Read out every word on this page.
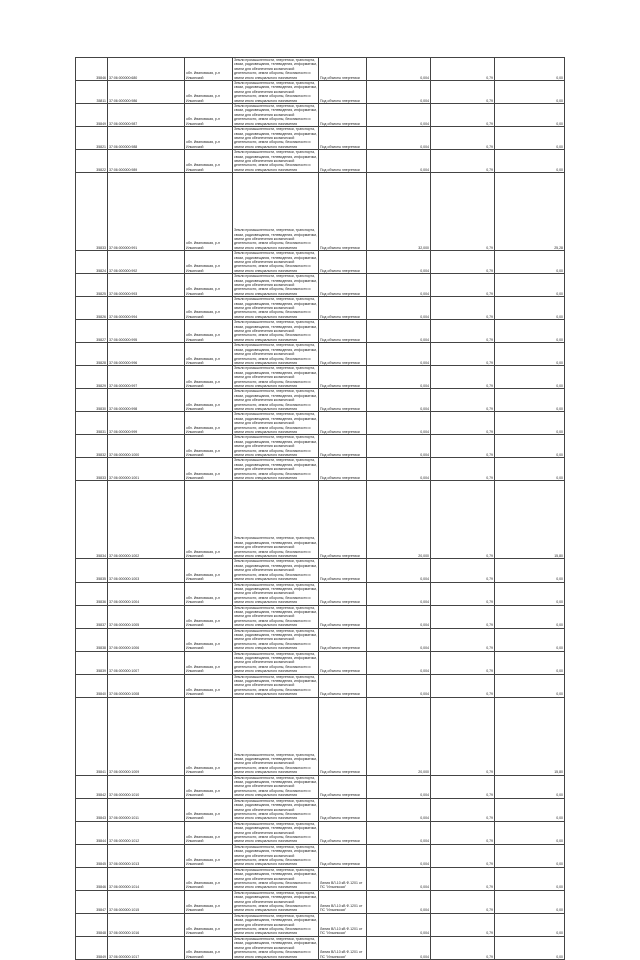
35846	37:06:000000:680	обл. Ивановская, р-н Ильинский	Земли промышленности, энергетики, транспорта, связи, радиовещания, телевидения, информатики, земли для обеспечения космической деятельности, земли обороны, безопасности и земли иного специального назначения	Под объекты энергетики	0,004	0,79	0,00
35811	37:06:000000:986	обл. Ивановская, р-н Ильинский	Земли промышленности, энергетики, транспорта, связи, радиовещания, телевидения, информатики, земли для обеспечения космической деятельности, земли обороны, безопасности и земли иного специального назначения	Под объекты энергетики	0,004	0,79	0,00
35849	37:06:000000:987	обл. Ивановская, р-н Ильинский	Земли промышленности, энергетики, транспорта, связи, радиовещания, телевидения, информатики, земли для обеспечения космической деятельности, земли обороны, безопасности и земли иного специального назначения	Под объекты энергетики	0,004	0,79	0,00
35821	37:06:000000:988	обл. Ивановская, р-н Ильинский	Земли промышленности, энергетики, транспорта, связи, радиовещания, телевидения, информатики, земли для обеспечения космической деятельности, земли обороны, безопасности и земли иного специального назначения	Под объекты энергетики	0,004	0,79	0,00
35822	37:06:000000:989	обл. Ивановская, р-н Ильинский	Земли промышленности, энергетики, транспорта, связи, радиовещания, телевидения, информатики, земли для обеспечения космической деятельности, земли обороны, безопасности и земли иного специального назначения	Под объекты энергетики	0,004	0,79	0,00
35833	37:06:000000:991	обл. Ивановская, р-н Ильинский	Земли промышленности, энергетики, транспорта, связи, радиовещания, телевидения, информатики, земли для обеспечения космической деятельности, земли обороны, безопасности и земли иного специального назначения	Под объекты энергетики	32,000	0,79	25,28
35824	37:06:000000:992	обл. Ивановская, р-н Ильинский	Земли промышленности, энергетики, транспорта, связи, радиовещания, телевидения, информатики, земли для обеспечения космической деятельности, земли обороны, безопасности и земли иного специального назначения	Под объекты энергетики	0,004	0,79	0,00
35825	37:06:000000:993	обл. Ивановская, р-н Ильинский	Земли промышленности, энергетики, транспорта, связи, радиовещания, телевидения, информатики, земли для обеспечения космической деятельности, земли обороны, безопасности и земли иного специального назначения	Под объекты энергетики	0,004	0,79	0,00
35826	37:06:000000:994	обл. Ивановская, р-н Ильинский	Земли промышленности, энергетики, транспорта, связи, радиовещания, телевидения, информатики, земли для обеспечения космической деятельности, земли обороны, безопасности и земли иного специального назначения	Под объекты энергетики	0,004	0,79	0,00
35827	37:06:000000:995	обл. Ивановская, р-н Ильинский	Земли промышленности, энергетики, транспорта, связи, радиовещания, телевидения, информатики, земли для обеспечения космической деятельности, земли обороны, безопасности и земли иного специального назначения	Под объекты энергетики	0,004	0,79	0,00
35828	37:06:000000:996	обл. Ивановская, р-н Ильинский	Земли промышленности, энергетики, транспорта, связи, радиовещания, телевидения, информатики, земли для обеспечения космической деятельности, земли обороны, безопасности и земли иного специального назначения	Под объекты энергетики	0,004	0,79	0,00
35829	37:06:000000:997	обл. Ивановская, р-н Ильинский	Земли промышленности, энергетики, транспорта, связи, радиовещания, телевидения, информатики, земли для обеспечения космической деятельности, земли обороны, безопасности и земли иного специального назначения	Под объекты энергетики	0,004	0,79	0,00
35830	37:06:000000:998	обл. Ивановская, р-н Ильинский	Земли промышленности, энергетики, транспорта, связи, радиовещания, телевидения, информатики, земли для обеспечения космической деятельности, земли обороны, безопасности и земли иного специального назначения	Под объекты энергетики	0,004	0,79	0,00
35831	37:06:000000:999	обл. Ивановская, р-н Ильинский	Земли промышленности, энергетики, транспорта, связи, радиовещания, телевидения, информатики, земли для обеспечения космической деятельности, земли обороны, безопасности и земли иного специального назначения	Под объекты энергетики	0,004	0,79	0,00
35832	37:06:000000:1000	обл. Ивановская, р-н Ильинский	Земли промышленности, энергетики, транспорта, связи, радиовещания, телевидения, информатики, земли для обеспечения космической деятельности, земли обороны, безопасности и земли иного специального назначения	Под объекты энергетики	0,004	0,79	0,00
35833	37:06:000000:1001	обл. Ивановская, р-н Ильинский	Земли промышленности, энергетики, транспорта, связи, радиовещания, телевидения, информатики, земли для обеспечения космической деятельности, земли обороны, безопасности и земли иного специального назначения	Под объекты энергетики	0,004	0,79	0,00
35834	37:06:000000:1002	обл. Ивановская, р-н Ильинский	Земли промышленности, энергетики, транспорта, связи, радиовещания, телевидения, информатики, земли для обеспечения космической деятельности, земли обороны, безопасности и земли иного специального назначения	Под объекты энергетики	20,000	0,79	15,80
35835	37:06:000000:1003	обл. Ивановская, р-н Ильинский	Земли промышленности, энергетики, транспорта, связи, радиовещания, телевидения, информатики, земли для обеспечения космической деятельности, земли обороны, безопасности и земли иного специального назначения	Под объекты энергетики	0,004	0,79	0,00
35836	37:06:000000:1004	обл. Ивановская, р-н Ильинский	Земли промышленности, энергетики, транспорта, связи, радиовещания, телевидения, информатики, земли для обеспечения космической деятельности, земли обороны, безопасности и земли иного специального назначения	Под объекты энергетики	0,004	0,79	0,00
35837	37:06:000000:1005	обл. Ивановская, р-н Ильинский	Земли промышленности, энергетики, транспорта, связи, радиовещания, телевидения, информатики, земли для обеспечения космической деятельности, земли обороны, безопасности и земли иного специального назначения	Под объекты энергетики	0,004	0,79	0,00
35838	37:06:000000:1006	обл. Ивановская, р-н Ильинский	Земли промышленности, энергетики, транспорта, связи, радиовещания, телевидения, информатики, земли для обеспечения космической деятельности, земли обороны, безопасности и земли иного специального назначения	Под объекты энергетики	0,004	0,79	0,00
35839	37:06:000000:1007	обл. Ивановская, р-н Ильинский	Земли промышленности, энергетики, транспорта, связи, радиовещания, телевидения, информатики, земли для обеспечения космической деятельности, земли обороны, безопасности и земли иного специального назначения	Под объекты энергетики	0,004	0,79	0,00
35840	37:06:000000:1008	обл. Ивановская, р-н Ильинский	Земли промышленности, энергетики, транспорта, связи, радиовещания, телевидения, информатики, земли для обеспечения космической деятельности, земли обороны, безопасности и земли иного специального назначения	Под объекты энергетики	0,004	0,79	0,00
35841	37:06:000000:1009	обл. Ивановская, р-н Ильинский	Земли промышленности, энергетики, транспорта, связи, радиовещания, телевидения, информатики, земли для обеспечения космической деятельности, земли обороны, безопасности и земли иного специального назначения	Под объекты энергетики	20,000	0,79	15,80
35842	37:06:000000:1010	обл. Ивановская, р-н Ильинский	Земли промышленности, энергетики, транспорта, связи, радиовещания, телевидения, информатики, земли для обеспечения космической деятельности, земли обороны, безопасности и земли иного специального назначения	Под объекты энергетики	0,004	0,79	0,00
35843	37:06:000000:1011	обл. Ивановская, р-н Ильинский	Земли промышленности, энергетики, транспорта, связи, радиовещания, телевидения, информатики, земли для обеспечения космической деятельности, земли обороны, безопасности и земли иного специального назначения	Под объекты энергетики	0,004	0,79	0,00
35844	37:06:000000:1012	обл. Ивановская, р-н Ильинский	Земли промышленности, энергетики, транспорта, связи, радиовещания, телевидения, информатики, земли для обеспечения космической деятельности, земли обороны, безопасности и земли иного специального назначения	Под объекты энергетики	0,004	0,79	0,00
35845	37:06:000000:1013	обл. Ивановская, р-н Ильинский	Земли промышленности, энергетики, транспорта, связи, радиовещания, телевидения, информатики, земли для обеспечения космической деятельности, земли обороны, безопасности и земли иного специального назначения	Под объекты энергетики	0,004	0,79	0,00
35846	37:06:000000:1014	обл. Ивановская, р-н Ильинский	Земли промышленности, энергетики, транспорта, связи, радиовещания, телевидения, информатики, земли для обеспечения космической деятельности, земли обороны, безопасности и земли иного специального назначения	Линия ВЛ-10 кВ Ф.1201 от ПС "Ильинская"	0,004	0,79	0,00
35847	37:06:000000:1015	обл. Ивановская, р-н Ильинский	Земли промышленности, энергетики, транспорта, связи, радиовещания, телевидения, информатики, земли для обеспечения космической деятельности, земли обороны, безопасности и земли иного специального назначения	Линия ВЛ-10 кВ Ф.1201 от ПС "Ильинская"	0,004	0,79	0,00
35848	37:06:000000:1016	обл. Ивановская, р-н Ильинский	Земли промышленности, энергетики, транспорта, связи, радиовещания, телевидения, информатики, земли для обеспечения космической деятельности, земли обороны, безопасности и земли иного специального назначения	Линия ВЛ-10 кВ Ф.1201 от ПС "Ильинская"	0,004	0,79	0,00
35849	37:06:000000:1017	обл. Ивановская, р-н Ильинский	Земли промышленности, энергетики, транспорта, связи, радиовещания, телевидения, информатики, земли для обеспечения космической деятельности, земли обороны, безопасности и земли иного специального назначения	Линия ВЛ-10 кВ Ф.1201 от ПС "Ильинская"	0,004	0,79	0,00
